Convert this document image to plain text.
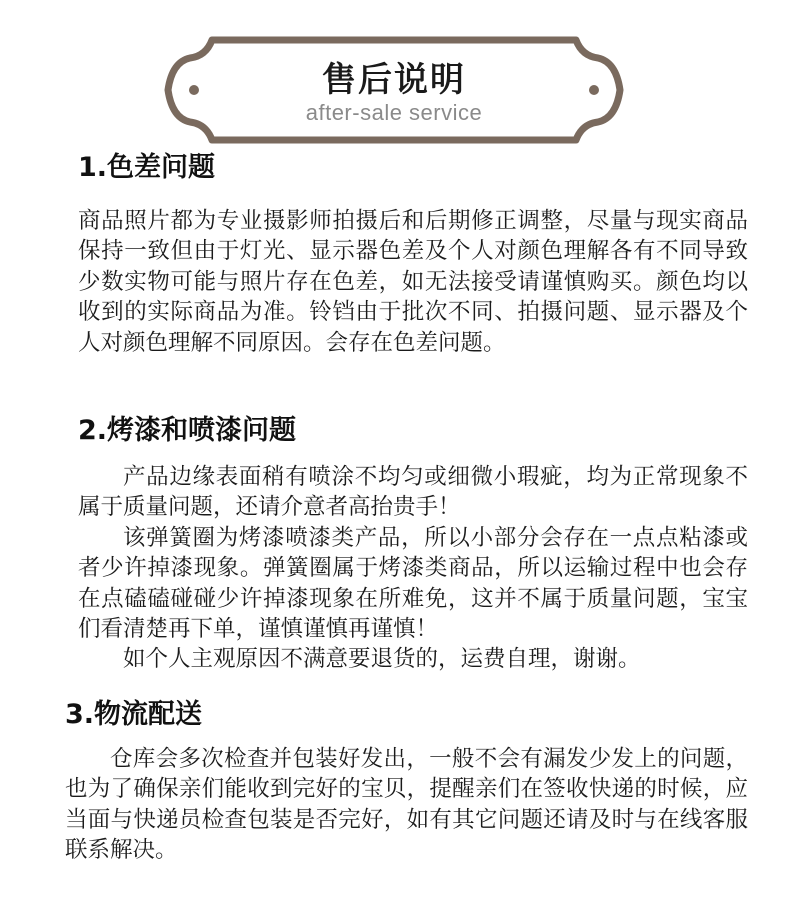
售后说明
after-sale service
1.色差问题

商品照片都为专业摄影师拍摄后和后期修正调整，尽量与现实商品保持一致但由于灯光、显示器色差及个人对颜色理解各有不同导致少数实物可能与照片存在色差，如无法接受请谨慎购买。颜色均以收到的实际商品为准。铃铛由于批次不同、拍摄问题、显示器及个人对颜色理解不同原因。会存在色差问题。

2.烤漆和喷漆问题

产品边缘表面稍有喷涂不均匀或细微小瑕疵，均为正常现象不属于质量问题，还请介意者高抬贵手！

该弹簧圈为烤漆喷漆类产品，所以小部分会存在一点点粘漆或者少许掉漆现象。弹簧圈属于烤漆类商品，所以运输过程中也会存在点磕磕碰碰少许掉漆现象在所难免，这并不属于质量问题，宝宝们看清楚再下单，谨慎谨慎再谨慎！

如个人主观原因不满意要退货的，运费自理，谢谢。

3.物流配送

仓库会多次检查并包装好发出，一般不会有漏发少发上的问题，也为了确保亲们能收到完好的宝贝，提醒亲们在签收快递的时候，应当面与快递员检查包装是否完好，如有其它问题还请及时与在线客服联系解决。
